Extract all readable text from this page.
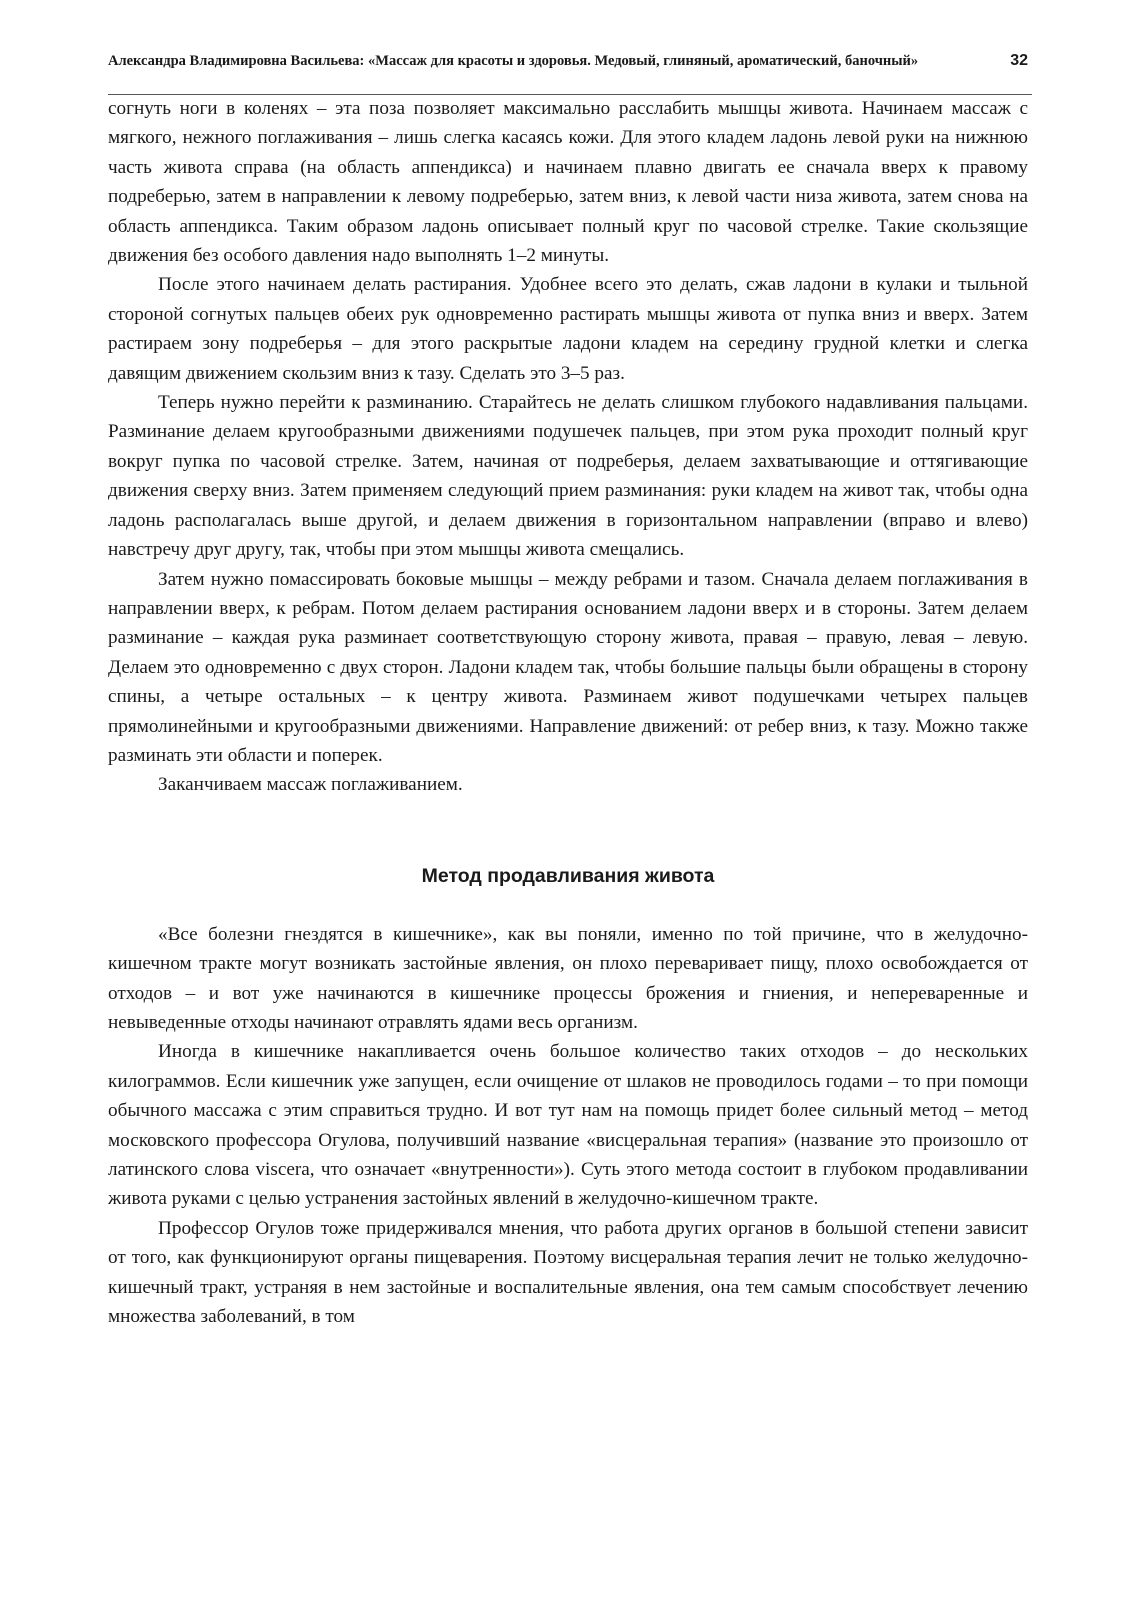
Александра Владимировна Васильева: «Массаж для красоты и здоровья. Медовый, глиняный, ароматический, баночный»	32

согнуть ноги в коленях – эта поза позволяет максимально расслабить мышцы живота. Начинаем массаж с мягкого, нежного поглаживания – лишь слегка касаясь кожи. Для этого кладем ладонь левой руки на нижнюю часть живота справа (на область аппендикса) и начинаем плавно двигать ее сначала вверх к правому подреберью, затем в направлении к левому подреберью, затем вниз, к левой части низа живота, затем снова на область аппендикса. Таким образом ладонь описывает полный круг по часовой стрелке. Такие скользящие движения без особого давления надо выполнять 1–2 минуты.

После этого начинаем делать растирания. Удобнее всего это делать, сжав ладони в кулаки и тыльной стороной согнутых пальцев обеих рук одновременно растирать мышцы живота от пупка вниз и вверх. Затем растираем зону подреберья – для этого раскрытые ладони кладем на середину грудной клетки и слегка давящим движением скользим вниз к тазу. Сделать это 3–5 раз.

Теперь нужно перейти к разминанию. Старайтесь не делать слишком глубокого надавливания пальцами. Разминание делаем кругообразными движениями подушечек пальцев, при этом рука проходит полный круг вокруг пупка по часовой стрелке. Затем, начиная от подреберья, делаем захватывающие и оттягивающие движения сверху вниз. Затем применяем следующий прием разминания: руки кладем на живот так, чтобы одна ладонь располагалась выше другой, и делаем движения в горизонтальном направлении (вправо и влево) навстречу друг другу, так, чтобы при этом мышцы живота смещались.

Затем нужно помассировать боковые мышцы – между ребрами и тазом. Сначала делаем поглаживания в направлении вверх, к ребрам. Потом делаем растирания основанием ладони вверх и в стороны. Затем делаем разминание – каждая рука разминает соответствующую сторону живота, правая – правую, левая – левую. Делаем это одновременно с двух сторон. Ладони кладем так, чтобы большие пальцы были обращены в сторону спины, а четыре остальных – к центру живота. Разминаем живот подушечками четырех пальцев прямолинейными и кругообразными движениями. Направление движений: от ребер вниз, к тазу. Можно также разминать эти области и поперек.

Заканчиваем массаж поглаживанием.

Метод продавливания живота

«Все болезни гнездятся в кишечнике», как вы поняли, именно по той причине, что в желудочно-кишечном тракте могут возникать застойные явления, он плохо переваривает пищу, плохо освобождается от отходов – и вот уже начинаются в кишечнике процессы брожения и гниения, и непереваренные и невыведенные отходы начинают отравлять ядами весь организм.

Иногда в кишечнике накапливается очень большое количество таких отходов – до нескольких килограммов. Если кишечник уже запущен, если очищение от шлаков не проводилось годами – то при помощи обычного массажа с этим справиться трудно. И вот тут нам на помощь придет более сильный метод – метод московского профессора Огулова, получивший название «висцеральная терапия» (название это произошло от латинского слова viscera, что означает «внутренности»). Суть этого метода состоит в глубоком продавливании живота руками с целью устранения застойных явлений в желудочно-кишечном тракте.

Профессор Огулов тоже придерживался мнения, что работа других органов в большой степени зависит от того, как функционируют органы пищеварения. Поэтому висцеральная терапия лечит не только желудочно-кишечный тракт, устраняя в нем застойные и воспалительные явления, она тем самым способствует лечению множества заболеваний, в том
